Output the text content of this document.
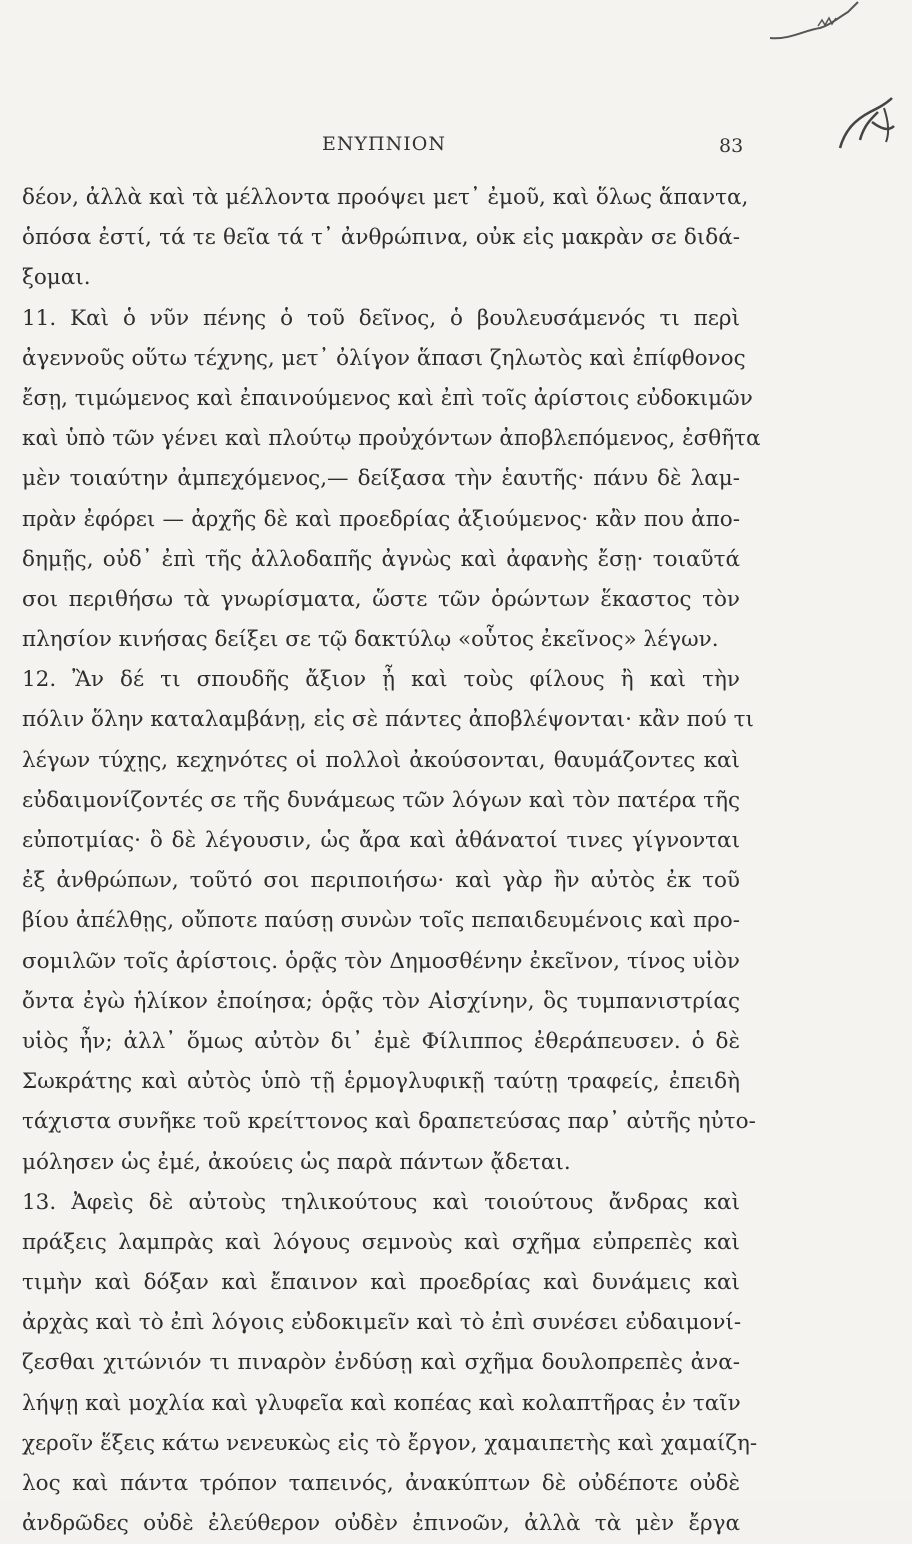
ΕΝΥΠΝΙΟΝ	83
δέον, ἀλλὰ καὶ τὰ μέλλοντα προόψει μετ᾽ ἐμοῦ, καὶ ὅλως ἅπαντα,
ὁπόσα ἐστί, τά τε θεῖα τά τ᾽ ἀνθρώπινα, οὐκ εἰς μακρὰν σε διδά-
ξομαι.
11. Καὶ ὁ νῦν πένης ὁ τοῦ δεῖνος, ὁ βουλευσάμενός τι περὶ
ἀγεννοῦς οὕτω τέχνης, μετ᾽ ὀλίγον ἅπασι ζηλωτὸς καὶ ἐπίφθονος
ἔσῃ, τιμώμενος καὶ ἐπαινούμενος καὶ ἐπὶ τοῖς ἀρίστοις εὐδοκιμῶν
καὶ ὑπὸ τῶν γένει καὶ πλούτῳ προὐχόντων ἀποβλεπόμενος, ἐσθῆτα
μὲν τοιαύτην ἀμπεχόμενος,— δείξασα τὴν ἑαυτῆς· πάνυ δὲ λαμ-
πρὰν ἐφόρει — ἀρχῆς δὲ καὶ προεδρίας ἀξιούμενος· κἂν που ἀπο-
δημῇς, οὐδ᾽ ἐπὶ τῆς ἀλλοδαπῆς ἀγνὼς καὶ ἀφανὴς ἔσῃ· τοιαῦτά
σοι περιθήσω τὰ γνωρίσματα, ὥστε τῶν ὁρώντων ἕκαστος τὸν
πλησίον κινήσας δείξει σε τῷ δακτύλῳ «οὗτος ἐκεῖνος» λέγων.
12. Ἂν δέ τι σπουδῆς ἄξιον ᾖ καὶ τοὺς φίλους ἢ καὶ τὴν
πόλιν ὅλην καταλαμβάνῃ, εἰς σὲ πάντες ἀποβλέψονται· κἂν πού τι
λέγων τύχῃς, κεχηνότες οἱ πολλοὶ ἀκούσονται, θαυμάζοντες καὶ
εὐδαιμονίζοντές σε τῆς δυνάμεως τῶν λόγων καὶ τὸν πατέρα τῆς
εὐποτμίας· ὃ δὲ λέγουσιν, ὡς ἄρα καὶ ἀθάνατοί τινες γίγνονται
ἐξ ἀνθρώπων, τοῦτό σοι περιποιήσω· καὶ γὰρ ἢν αὐτὸς ἐκ τοῦ
βίου ἀπέλθῃς, οὔποτε παύσῃ συνὼν τοῖς πεπαιδευμένοις καὶ προ-
σομιλῶν τοῖς ἀρίστοις. ὁρᾷς τὸν Δημοσθένην ἐκεῖνον, τίνος υἱὸν
ὄντα ἐγὼ ἡλίκον ἐποίησα; ὁρᾷς τὸν Αἰσχίνην, ὃς τυμπανιστρίας
υἱὸς ἦν; ἀλλ᾽ ὅμως αὐτὸν δι᾽ ἐμὲ Φίλιππος ἐθεράπευσεν. ὁ δὲ
Σωκράτης καὶ αὐτὸς ὑπὸ τῇ ἑρμογλυφικῇ ταύτῃ τραφείς, ἐπειδὴ
τάχιστα συνῆκε τοῦ κρείττονος καὶ δραπετεύσας παρ᾽ αὐτῆς ηὐτο-
μόλησεν ὡς ἐμέ, ἀκούεις ὡς παρὰ πάντων ᾄδεται.
13. Ἀφεὶς δὲ αὐτοὺς τηλικούτους καὶ τοιούτους ἄνδρας καὶ
πράξεις λαμπρὰς καὶ λόγους σεμνοὺς καὶ σχῆμα εὐπρεπὲς καὶ
τιμὴν καὶ δόξαν καὶ ἔπαινον καὶ προεδρίας καὶ δυνάμεις καὶ
ἀρχὰς καὶ τὸ ἐπὶ λόγοις εὐδοκιμεῖν καὶ τὸ ἐπὶ συνέσει εὐδαιμονί-
ζεσθαι χιτώνιόν τι πιναρὸν ἐνδύσῃ καὶ σχῆμα δουλοπρεπὲς ἀνα-
λήψῃ καὶ μοχλία καὶ γλυφεῖα καὶ κοπέας καὶ κολαπτῆρας ἐν ταῖν
χεροῖν ἕξεις κάτω νενευκὼς εἰς τὸ ἔργον, χαμαιπετὴς καὶ χαμαίζη-
λος καὶ πάντα τρόπον ταπεινός, ἀνακύπτων δὲ οὐδέποτε οὐδὲ
ἀνδρῶδες οὐδὲ ἐλεύθερον οὐδὲν ἐπινοῶν, ἀλλὰ τὰ μὲν ἔργα
